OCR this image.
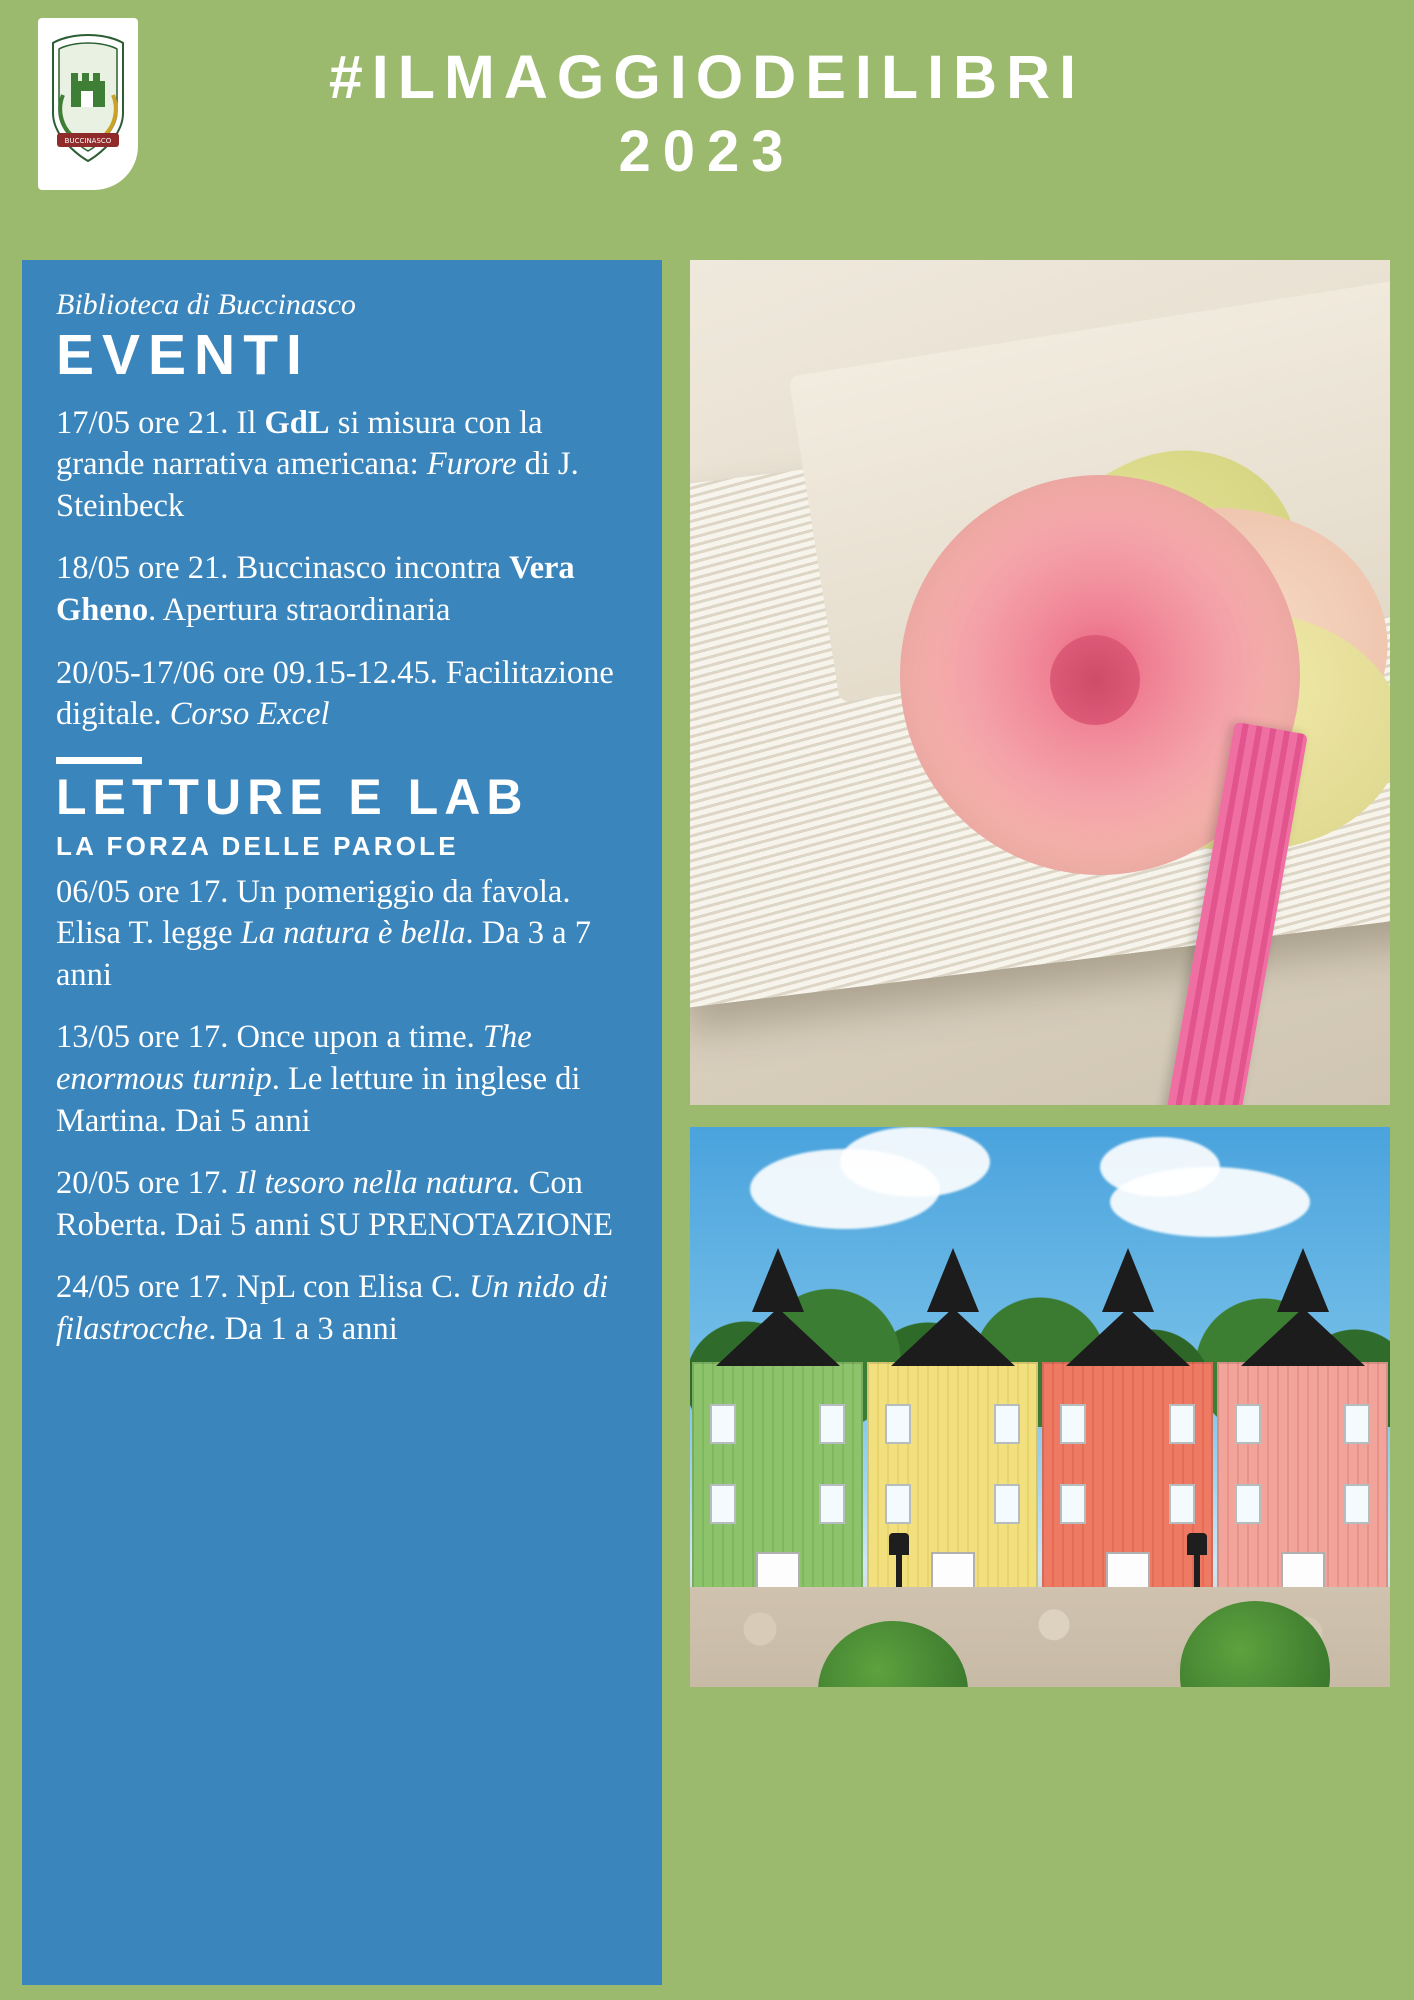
BUCCINASCO
#ILMAGGIODEILIBRI
2023
Biblioteca di Buccinasco
EVENTI
17/05 ore 21. Il GdL si misura con la grande narrativa americana: Furore di J. Steinbeck
18/05 ore 21. Buccinasco incontra Vera Gheno. Apertura straordinaria
20/05-17/06 ore 09.15-12.45. Facilitazione digitale. Corso Excel
LETTURE E LAB
LA FORZA DELLE PAROLE
06/05 ore 17. Un pomeriggio da favola. Elisa T. legge La natura è bella. Da 3 a 7 anni
13/05 ore 17. Once upon a time. The enormous turnip. Le letture in inglese di Martina. Dai 5 anni
20/05 ore 17. Il tesoro nella natura. Con Roberta. Dai 5 anni SU PRENOTAZIONE
24/05 ore 17. NpL con Elisa C. Un nido di filastrocche. Da 1 a 3 anni
